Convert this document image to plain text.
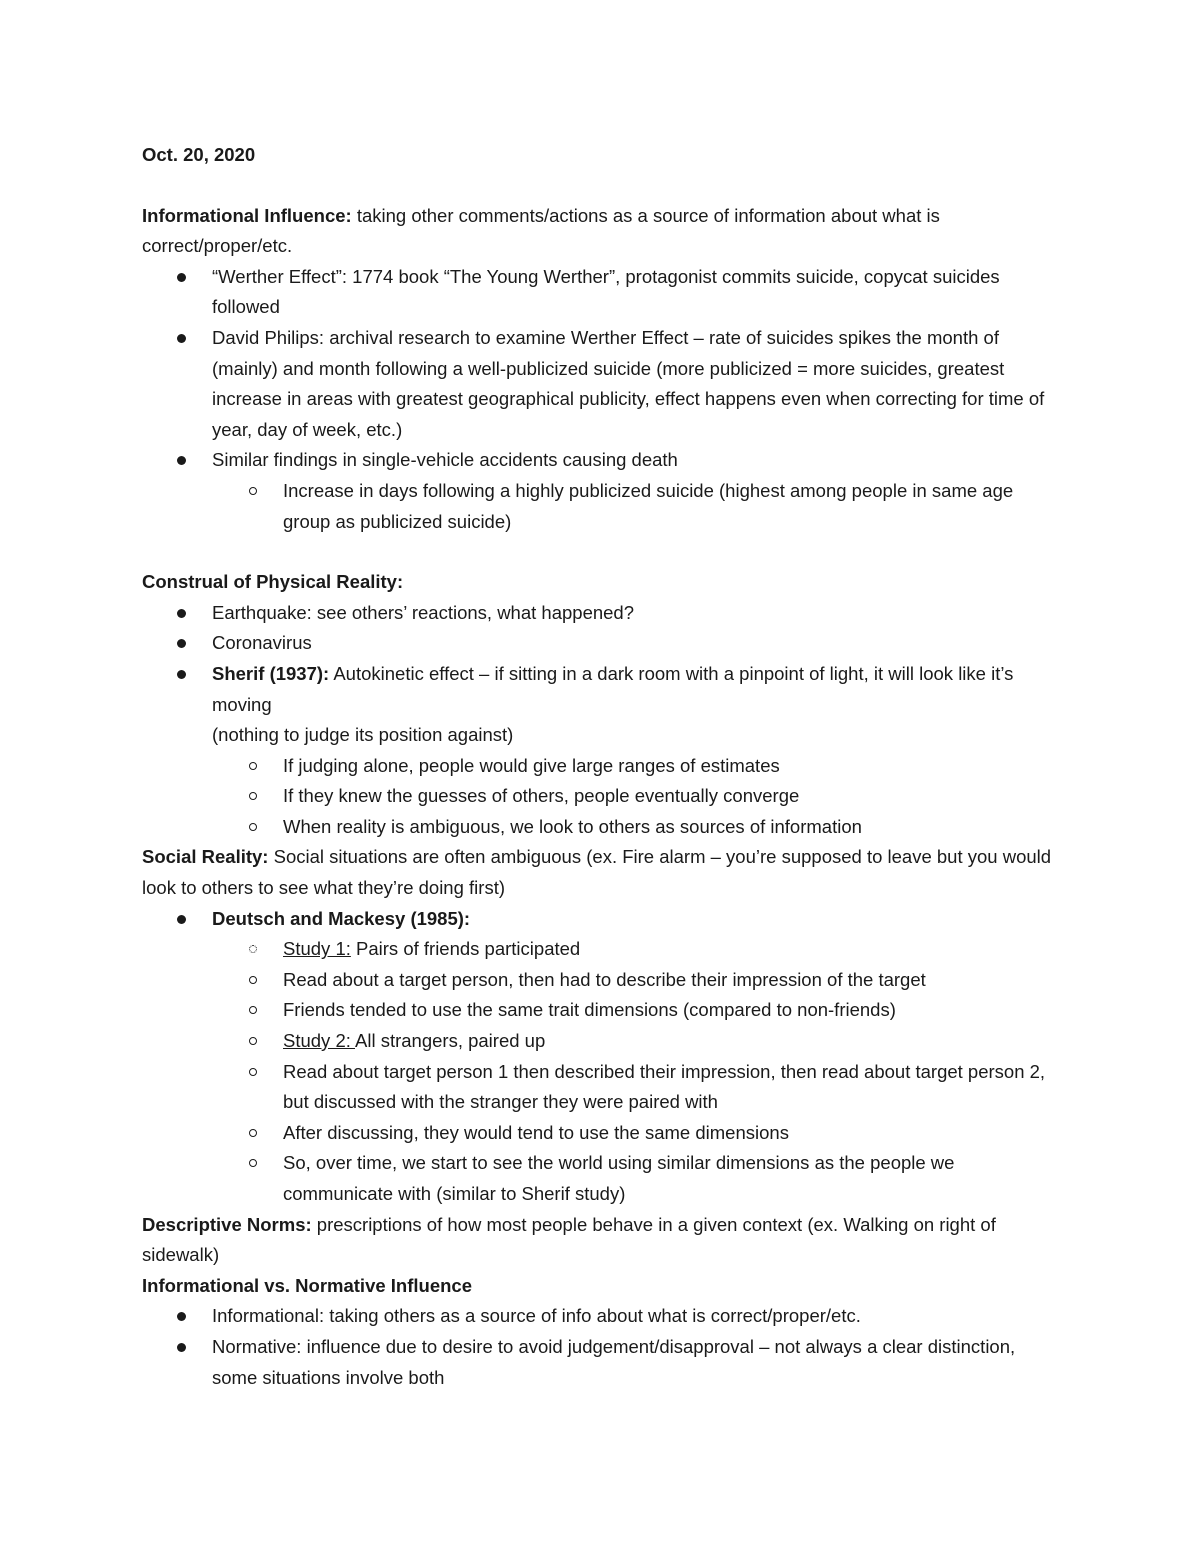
Oct. 20, 2020

Informational Influence: taking other comments/actions as a source of information about what is correct/proper/etc.

“Werther Effect”: 1774 book “The Young Werther”, protagonist commits suicide, copycat suicides followed
David Philips: archival research to examine Werther Effect – rate of suicides spikes the month of (mainly) and month following a well-publicized suicide (more publicized = more suicides, greatest increase in areas with greatest geographical publicity, effect happens even when correcting for time of year, day of week, etc.)
Similar findings in single-vehicle accidents causing death
Increase in days following a highly publicized suicide (highest among people in same age group as publicized suicide)

Construal of Physical Reality:

Earthquake: see others’ reactions, what happened?
Coronavirus
Sherif (1937): Autokinetic effect – if sitting in a dark room with a pinpoint of light, it will look like it’s moving
(nothing to judge its position against)
If judging alone, people would give large ranges of estimates
If they knew the guesses of others, people eventually converge
When reality is ambiguous, we look to others as sources of information

Social Reality: Social situations are often ambiguous (ex. Fire alarm – you’re supposed to leave but you would look to others to see what they’re doing first)

Deutsch and Mackesy (1985):
Study 1: Pairs of friends participated
Read about a target person, then had to describe their impression of the target
Friends tended to use the same trait dimensions (compared to non-friends)
Study 2: All strangers, paired up
Read about target person 1 then described their impression, then read about target person 2, but discussed with the stranger they were paired with
After discussing, they would tend to use the same dimensions
So, over time, we start to see the world using similar dimensions as the people we communicate with (similar to Sherif study)

Descriptive Norms: prescriptions of how most people behave in a given context (ex. Walking on right of sidewalk)

Informational vs. Normative Influence

Informational: taking others as a source of info about what is correct/proper/etc.
Normative: influence due to desire to avoid judgement/disapproval – not always a clear distinction, some situations involve both
